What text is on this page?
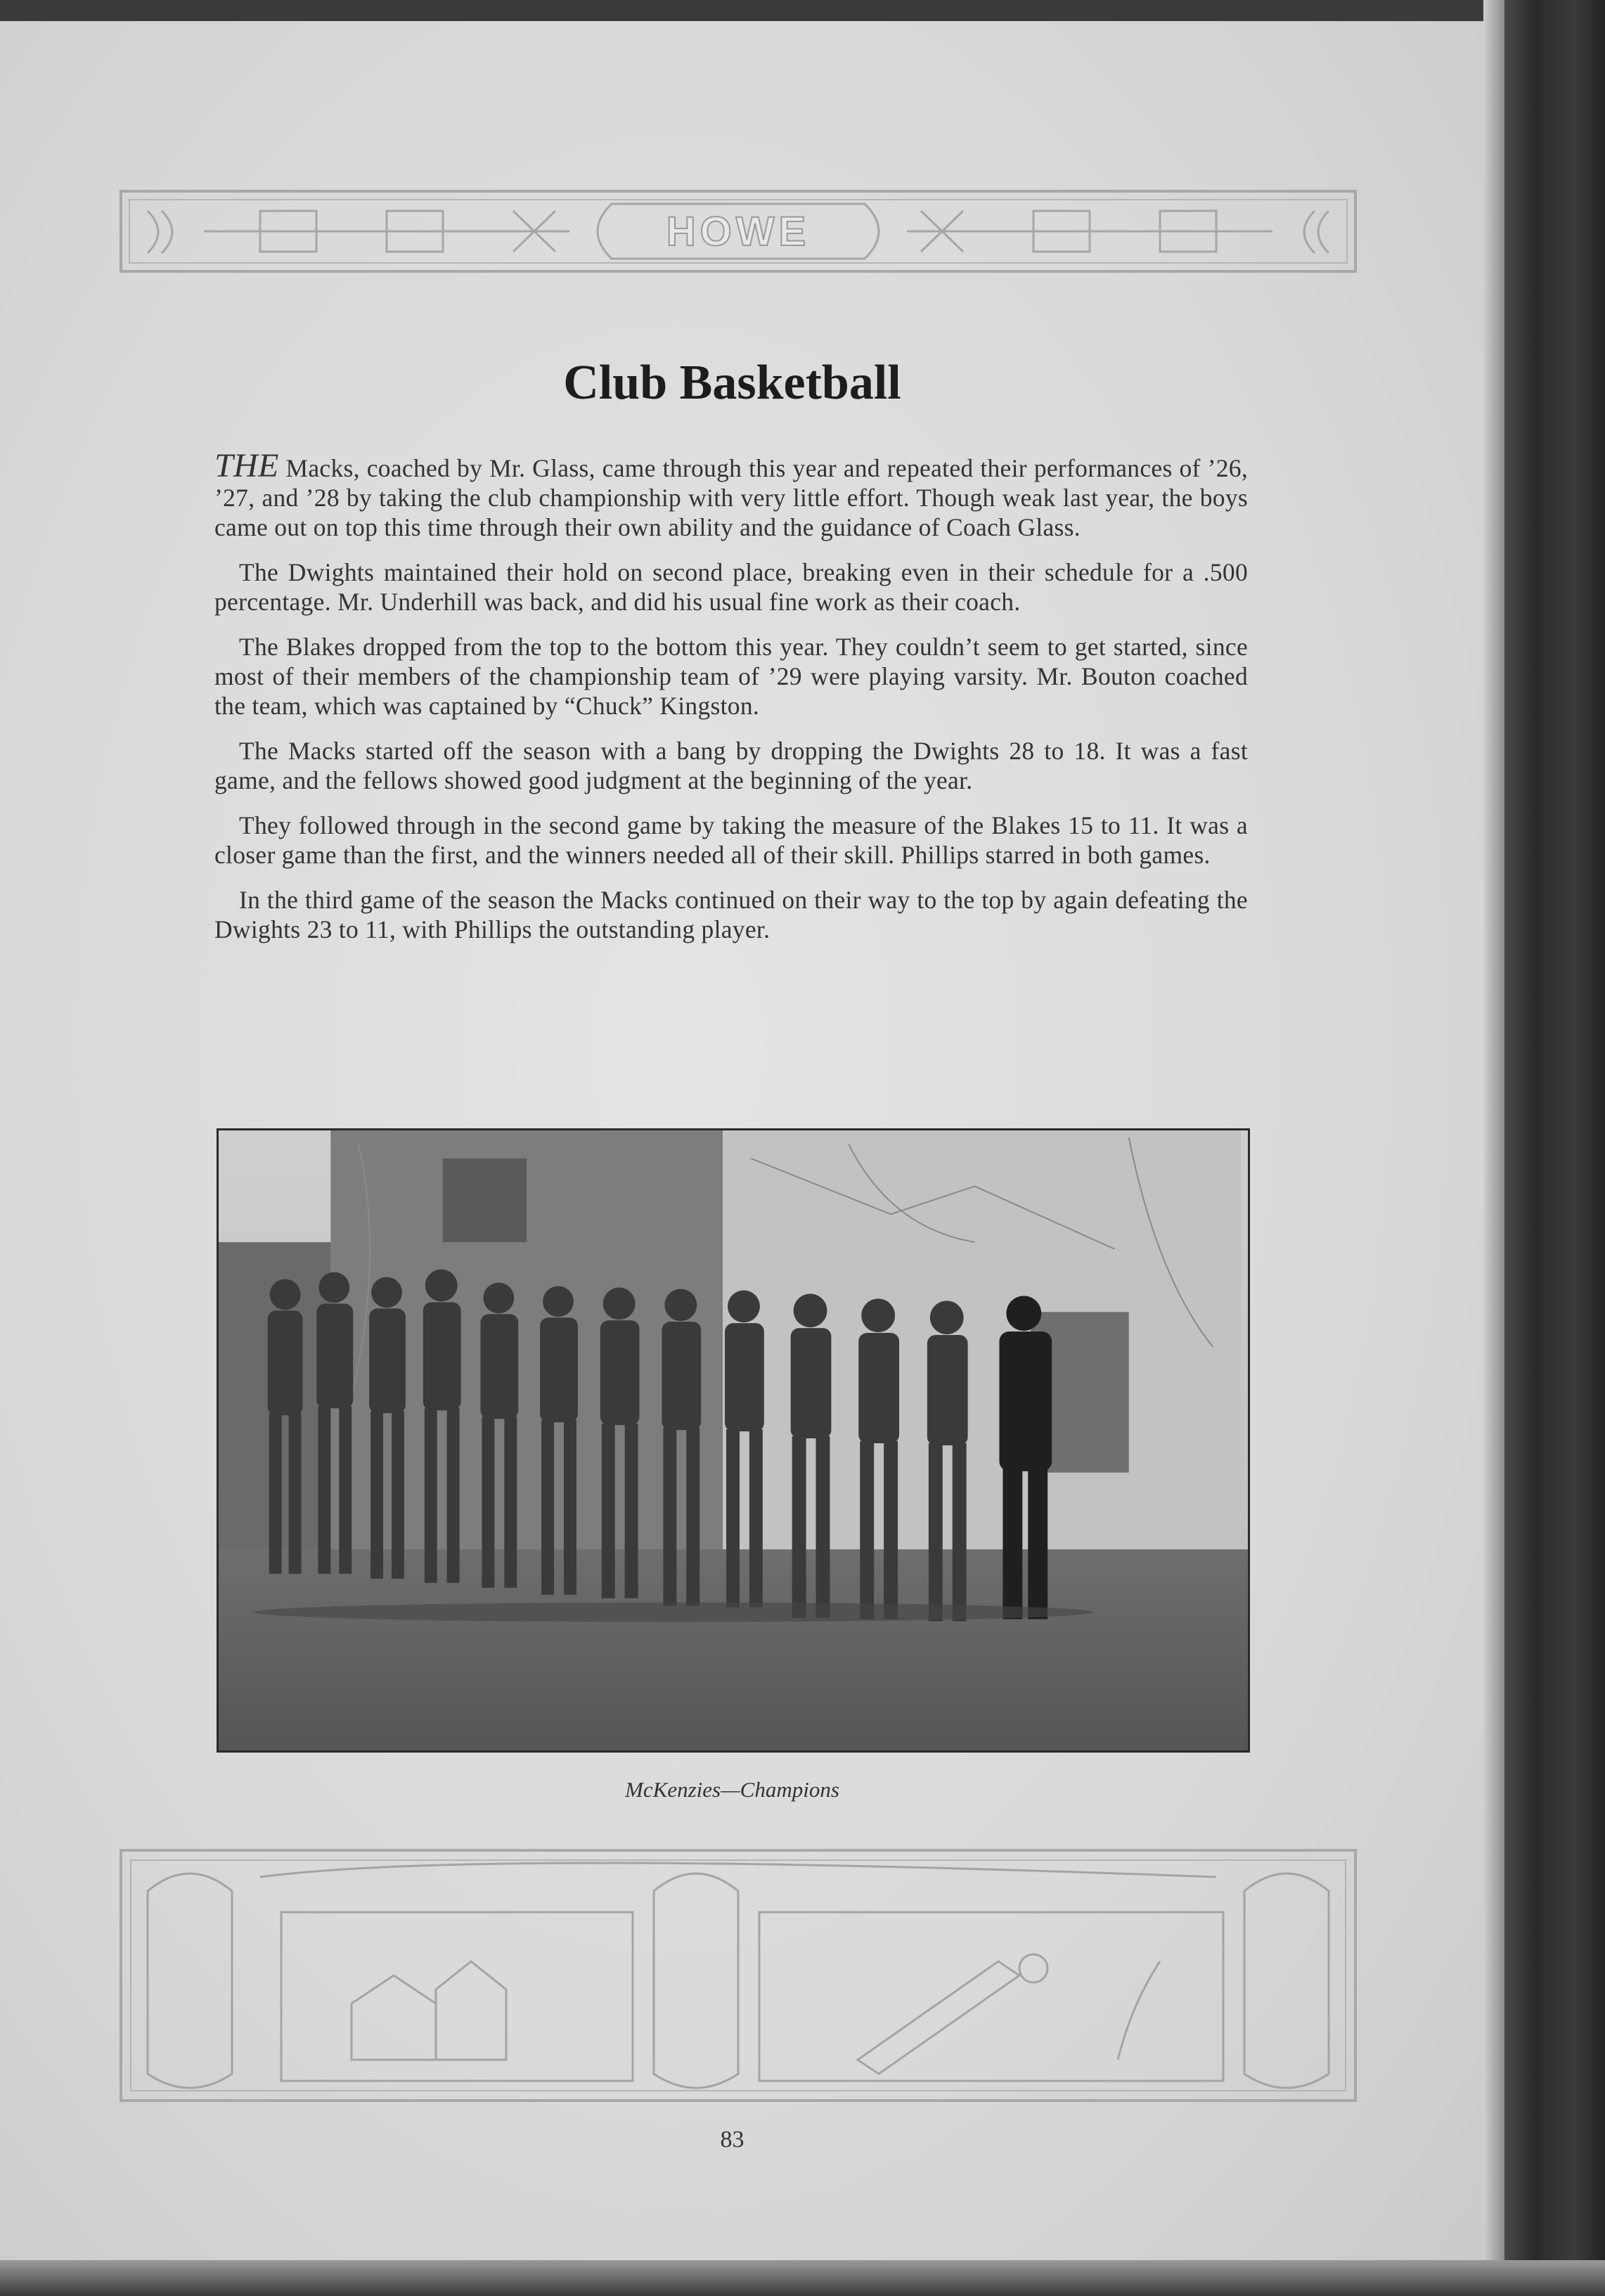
HOWE
Club Basketball

THE Macks, coached by Mr. Glass, came through this year and repeated their performances of ’26, ’27, and ’28 by taking the club championship with very little effort. Though weak last year, the boys came out on top this time through their own ability and the guidance of Coach Glass.

The Dwights maintained their hold on second place, breaking even in their schedule for a .500 percentage. Mr. Underhill was back, and did his usual fine work as their coach.

The Blakes dropped from the top to the bottom this year. They couldn’t seem to get started, since most of their members of the championship team of ’29 were playing varsity. Mr. Bouton coached the team, which was captained by “Chuck” Kingston.

The Macks started off the season with a bang by dropping the Dwights 28 to 18. It was a fast game, and the fellows showed good judgment at the beginning of the year.

They followed through in the second game by taking the measure of the Blakes 15 to 11. It was a closer game than the first, and the winners needed all of their skill. Phillips starred in both games.

In the third game of the season the Macks continued on their way to the top by again defeating the Dwights 23 to 11, with Phillips the outstanding player.

McKenzies—Champions
83
